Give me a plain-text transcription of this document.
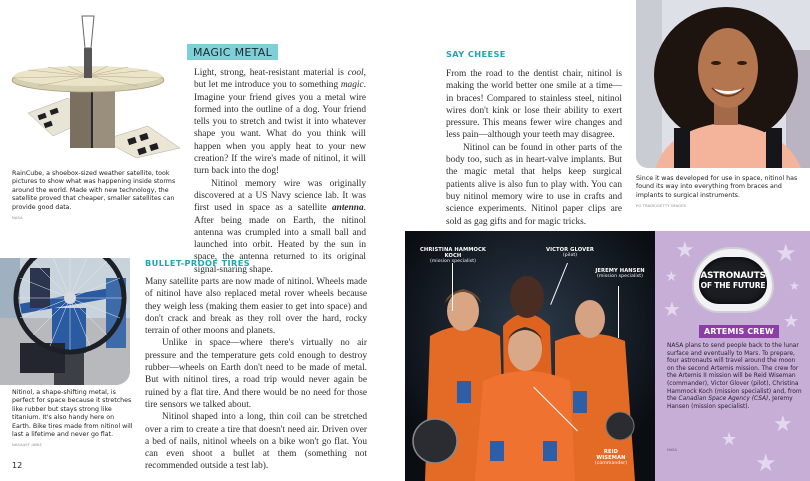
RainCube, a shoebox-sized weather satellite, took pictures to show what was happening inside storms around the world. Made with new technology, the satellite proved that cheaper, smaller satellites can provide good data.
NASA
Nitinol, a shape-shifting metal, is perfect for space because it stretches like rubber but stays strong like titanium. It's also handy here on Earth. Bike tires made from nitinol will last a lifetime and never go flat.
NASA/JEF JANIS
12
MAGIC METAL

Light, strong, heat-resistant material is cool, but let me introduce you to something magic. Imagine your friend gives you a metal wire formed into the outline of a dog. Your friend tells you to stretch and twist it into whatever shape you want. What do you think will happen when you apply heat to your new creation? If the wire's made of nitinol, it will turn back into the dog!

Nitinol memory wire was originally discovered at a US Navy science lab. It was first used in space as a satellite antenna. After being made on Earth, the nitinol antenna was crumpled into a small ball and launched into orbit. Heated by the sun in space, the antenna returned to its original signal-snaring shape.

BULLET-PROOF TIRES

Many satellite parts are now made of nitinol. Wheels made of nitinol have also replaced metal rover wheels because they weigh less (making them easier to get into space) and don't crack and break as they roll over the hard, rocky terrain of other moons and planets.

Unlike in space—where there's virtually no air pressure and the temperature gets cold enough to destroy rubber—wheels on Earth don't need to be made of metal. But with nitinol tires, a road trip would never again be ruined by a flat tire. And there would be no need for those tire sensors we talked about.

Nitinol shaped into a long, thin coil can be stretched over a rim to create a tire that doesn't need air. Driven over a bed of nails, nitinol wheels on a bike won't go flat. You can even shoot a bullet at them (something not recommended outside a test lab).

SAY CHEESE

From the road to the dentist chair, nitinol is making the world better one smile at a time—in braces! Compared to stainless steel, nitinol wires don't kink or lose their ability to exert pressure. This means fewer wire changes and less pain—although your teeth may disagree.

Nitinol can be found in other parts of the body too, such as in heart-valve implants. But the magic metal that helps keep surgical patients alive is also fun to play with. You can buy nitinol memory wire to use in crafts and science experiments. Nitinol paper clips are sold as gag gifts and for magic tricks.

Since it was developed for use in space, nitinol has found its way into everything from braces and implants to surgical instruments.
PG TRADE/GETTY IMAGES
CHRISTINA HAMMOCK KOCH
(mission specialist)
VICTOR GLOVER
(pilot)
JEREMY HANSEN
(mission specialist)
REID WISEMAN
(commander)
★	★
★
★
★	★
★
★
★
ASTRONAUTS
OF THE FUTURE
ARTEMIS CREW
NASA plans to send people back to the lunar surface and eventually to Mars. To prepare, four astronauts will travel around the moon on the second Artemis mission. The crew for the Artemis II mission will be Reid Wiseman (commander), Victor Glover (pilot), Christina Hammock Koch (mission specialist) and, from the Canadian Space Agency (CSA), Jeremy Hansen (mission specialist).
NASA
